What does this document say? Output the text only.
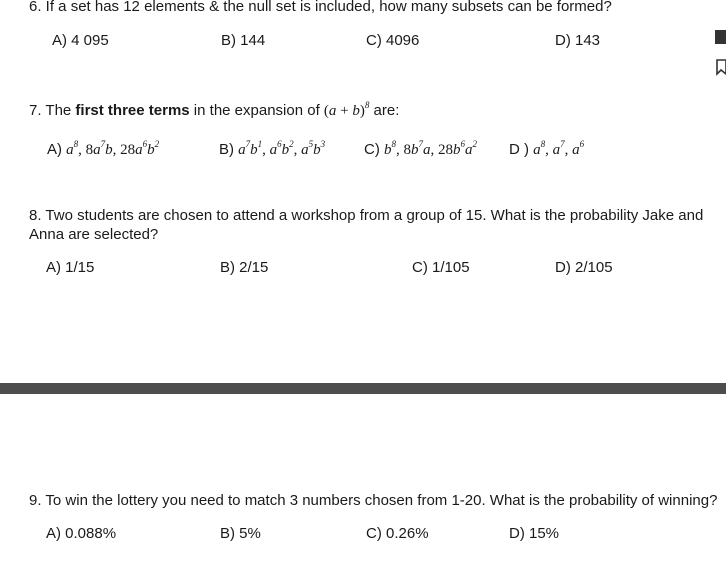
6. If a set has 12 elements & the null set is included, how many subsets can be formed?
A) 4 095	B) 144	C) 4096	D) 143
7. The first three terms in the expansion of $(a + b)^8$ are:
A) $a^8$, $8a^7b$, $28a^6b^2$	B) $a^7b^1$, $a^6b^2$, $a^5b^3$	C) $b^8$, $8b^7a$, $28b^6a^2$ D ) $a^8$, $a^7$, $a^6$
8. Two students are chosen to attend a workshop from a group of 15. What is the probability Jake and
Anna are selected?
A) 1/15	B) 2/15	C) 1/105	D) 2/105
9. To win the lottery you need to match 3 numbers chosen from 1-20. What is the probability of winning?
A) 0.088%	B) 5%	C) 0.26%	D) 15%
